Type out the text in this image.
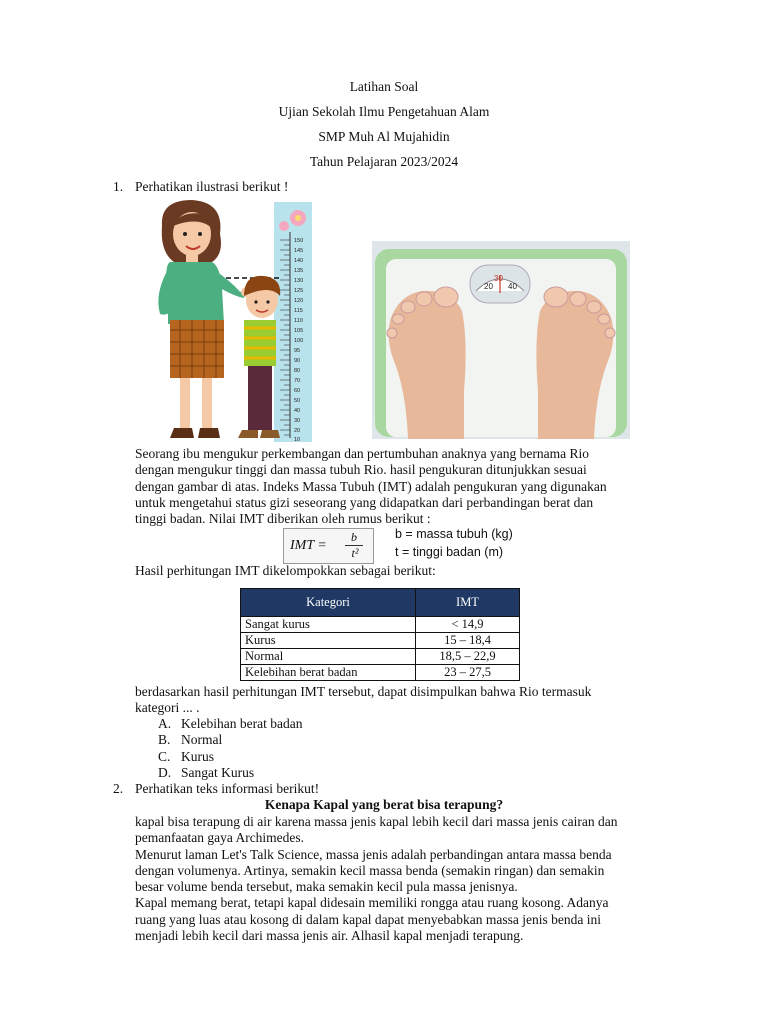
Latihan Soal
Ujian Sekolah Ilmu Pengetahuan Alam
SMP Muh Al Mujahidin
Tahun Pelajaran 2023/2024
1. Perhatikan ilustrasi berikut !
150
145
140
135
130
125
120
115
110
105
100
95
90
80
70
60
50
40
30
20
10
20
30
40
Seorang ibu mengukur perkembangan dan pertumbuhan anaknya yang bernama Rio
dengan mengukur tinggi dan massa tubuh Rio. hasil pengukuran ditunjukkan sesuai
dengan gambar di atas. Indeks Massa Tubuh (IMT) adalah pengukuran yang digunakan
untuk mengetahui status gizi seseorang yang didapatkan dari perbandingan berat dan
tinggi badan. Nilai IMT diberikan oleh rumus berikut :
IMT =
b
t²
b = massa tubuh (kg)
t = tinggi badan (m)
Hasil perhitungan IMT dikelompokkan sebagai berikut:
Kategori	IMT
Sangat kurus	< 14,9
Kurus	15 – 18,4
Normal	18,5 – 22,9
Kelebihan berat badan	23 – 27,5
berdasarkan hasil perhitungan IMT tersebut, dapat disimpulkan bahwa Rio termasuk
kategori ... .
A. Kelebihan berat badan
B. Normal
C. Kurus
D. Sangat Kurus
2. Perhatikan teks informasi berikut!
Kenapa Kapal yang berat bisa terapung?
kapal bisa terapung di air karena massa jenis kapal lebih kecil dari massa jenis cairan dan
pemanfaatan gaya Archimedes.
Menurut laman Let's Talk Science, massa jenis adalah perbandingan antara massa benda
dengan volumenya. Artinya, semakin kecil massa benda (semakin ringan) dan semakin
besar volume benda tersebut, maka semakin kecil pula massa jenisnya.
Kapal memang berat, tetapi kapal didesain memiliki rongga atau ruang kosong. Adanya
ruang yang luas atau kosong di dalam kapal dapat menyebabkan massa jenis benda ini
menjadi lebih kecil dari massa jenis air. Alhasil kapal menjadi terapung.
